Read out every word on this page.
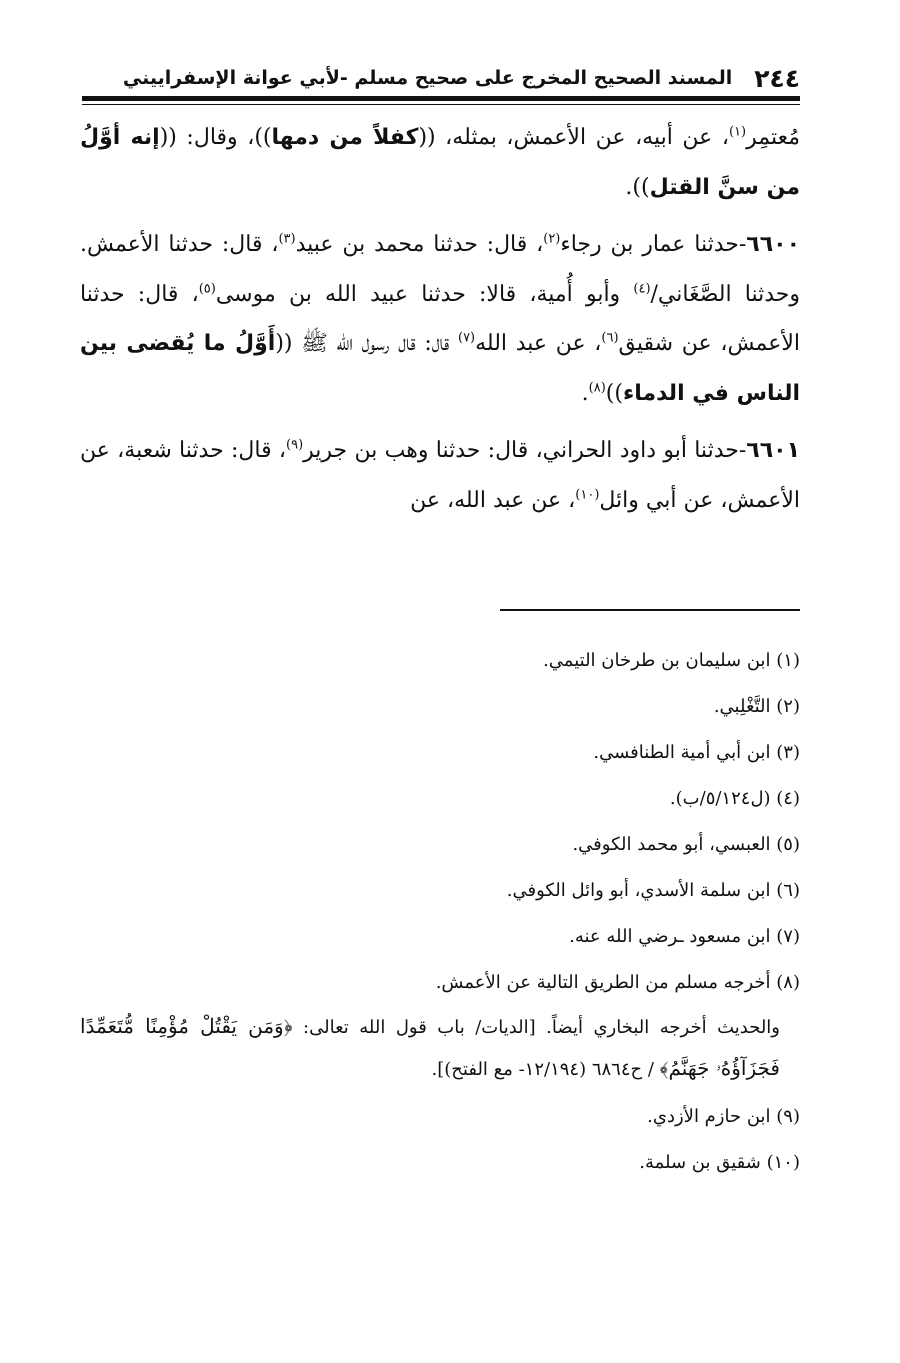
٢٤٤
المسند الصحيح المخرج على صحيح مسلم -لأبي عوانة الإسفراييني

مُعتمِر$^{(١)}$، عن أبيه، عن الأعمش، بمثله، ((كفلاً من دمها))، وقال: ((إنه أوَّلُ من سنَّ القتل)).

٦٦٠٠-حدثنا عمار بن رجاء$^{(٢)}$، قال: حدثنا محمد بن عبيد$^{(٣)}$، قال: حدثنا الأعمش. وحدثنا الصَّغَاني/$^{(٤)}$ وأبو أُمية، قالا: حدثنا عبيد الله بن موسى$^{(٥)}$، قال: حدثنا الأعمش، عن شقيق$^{(٦)}$، عن عبد الله$^{(٧)}$ قال: قال رسول الله ﷺ ((أَوَّلُ ما يُقضى بين الناس في الدماء))$^{(٨)}$.

٦٦٠١-حدثنا أبو داود الحراني، قال: حدثنا وهب بن جرير$^{(٩)}$، قال: حدثنا شعبة، عن الأعمش، عن أبي وائل$^{(١٠)}$، عن عبد الله، عن

(١) ابن سليمان بن طرخان التيمي.
(٢) التَّغْلِبي.
(٣) ابن أبي أمية الطنافسي.
(٤) (ل٥/١٢٤/ب).
(٥) العبسي، أبو محمد الكوفي.
(٦) ابن سلمة الأسدي، أبو وائل الكوفي.
(٧) ابن مسعود ـرضي الله عنه.
(٨) أخرجه مسلم من الطريق التالية عن الأعمش.
والحديث أخرجه البخاري أيضاً. [الديات/ باب قول الله تعالى: ﴿وَمَن يَقْتُلْ مُؤْمِنًا مُّتَعَمِّدًا فَجَزَآؤُهُۥ جَهَنَّمُ﴾ / ح٦٨٦٤ (١٢/١٩٤- مع الفتح)].
(٩) ابن حازم الأزدي.
(١٠) شقيق بن سلمة.
